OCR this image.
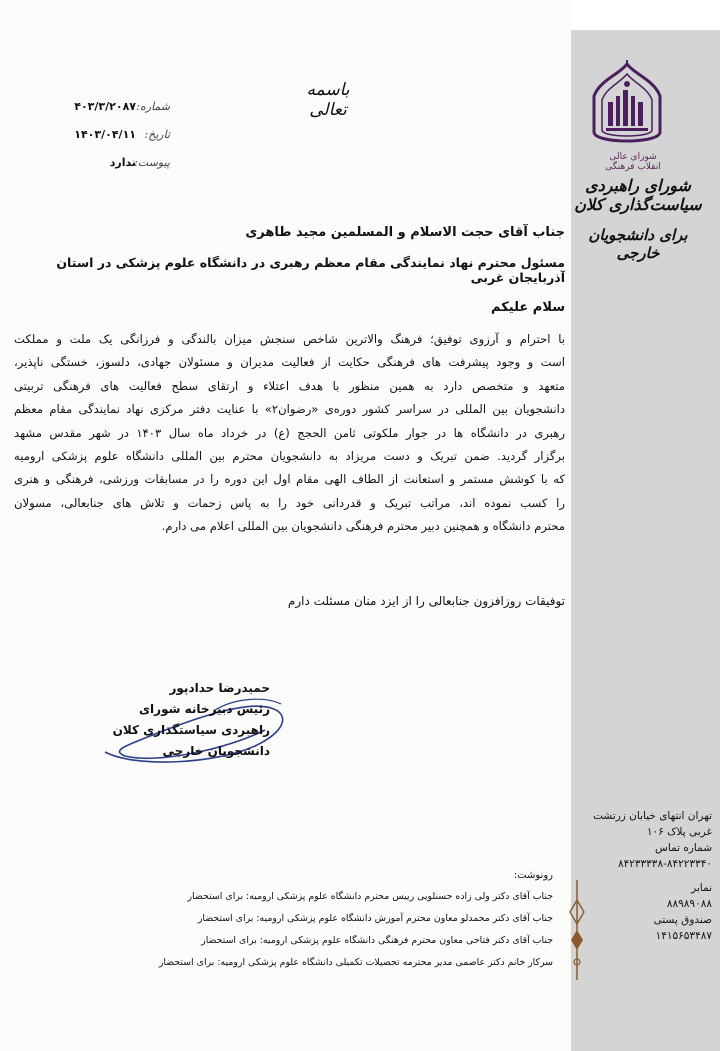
شورای عالی انقلاب فرهنگی
شورای راهبردی سیاست‌گذاری کلان
برای دانشجویان خارجی
باسمه تعالی
شماره:
۴۰۳/۳/۲۰۸۷
تاریخ:
۱۴۰۳/۰۴/۱۱
پیوست:
ندارد
جناب آقای حجت الاسلام و المسلمین مجید طاهری
مسئول محترم نهاد نمایندگی مقام معظم رهبری در دانشگاه علوم پزشکی در استان آذربایجان غربی
سلام علیکم
با احترام و آرزوی توفیق؛ فرهنگ والاترین شاخص سنجش میزان بالندگی و فرزانگی یک ملت و مملکت
است و وجود پیشرفت های فرهنگی حکایت از فعالیت مدیران و مسئولان جهادی، دلسوز، خستگی ناپذیر،
متعهد و متخصص دارد به همین منظور با هدف اعتلاء و ارتقای سطح فعالیت های فرهنگی تربیتی
دانشجویان بین المللی در سراسر کشور دوره‌ی «رضوان۲» با عنایت دفتر مرکزی نهاد نمایندگی مقام معظم
رهبری در دانشگاه ها در جوار ملکوتی ثامن الحجج (ع) در خرداد ماه سال ۱۴۰۳ در شهر مقدس مشهد
برگزار گردید. ضمن تبریک و دست مریزاد به دانشجویان محترم بین المللی دانشگاه علوم پزشکی ارومیه
که با کوشش مستمر و استعانت از الطاف الهی مقام اول این دوره را در مسابقات ورزشی، فرهنگی و هنری
را کسب نموده اند، مراتب تبریک و قدردانی خود را به پاس زحمات و تلاش های جنابعالی، مسولان
محترم دانشگاه و همچنین دبیر محترم فرهنگی دانشجویان بین المللی اعلام می دارم.
توفیقات روزافزون جنابعالی را از ایزد منان مسئلت دارم
حمیدرضا حدادپور
رئیس دبیرخانه شورای
راهبردی سیاستگذاری کلان
دانشجویان خارجی
رونوشت:
جناب آقای دکتر ولی زاده حسنلویی رییس محترم دانشگاه علوم پزشکی ارومیه: برای استحضار
جناب آقای دکتر محمدلو معاون محترم آموزش دانشگاه علوم پزشکی ارومیه: برای استحضار
جناب آقای دکتر فتاحی معاون محترم فرهنگی دانشگاه علوم پزشکی ارومیه: برای استحضار
سرکار خانم دکتر عاصمی مدیر محترمه تحصیلات تکمیلی دانشگاه علوم پزشکی ارومیه: برای استحضار
تهران انتهای خیابان زرتشت
غربی پلاک ۱۰۶
شماره تماس
۸۴۲۳۳۳۳۸-۸۴۲۲۳۳۴۰
نمابر
۸۸۹۸۹۰۸۸
صندوق پستی
۱۴۱۵۶۵۳۴۸۷
